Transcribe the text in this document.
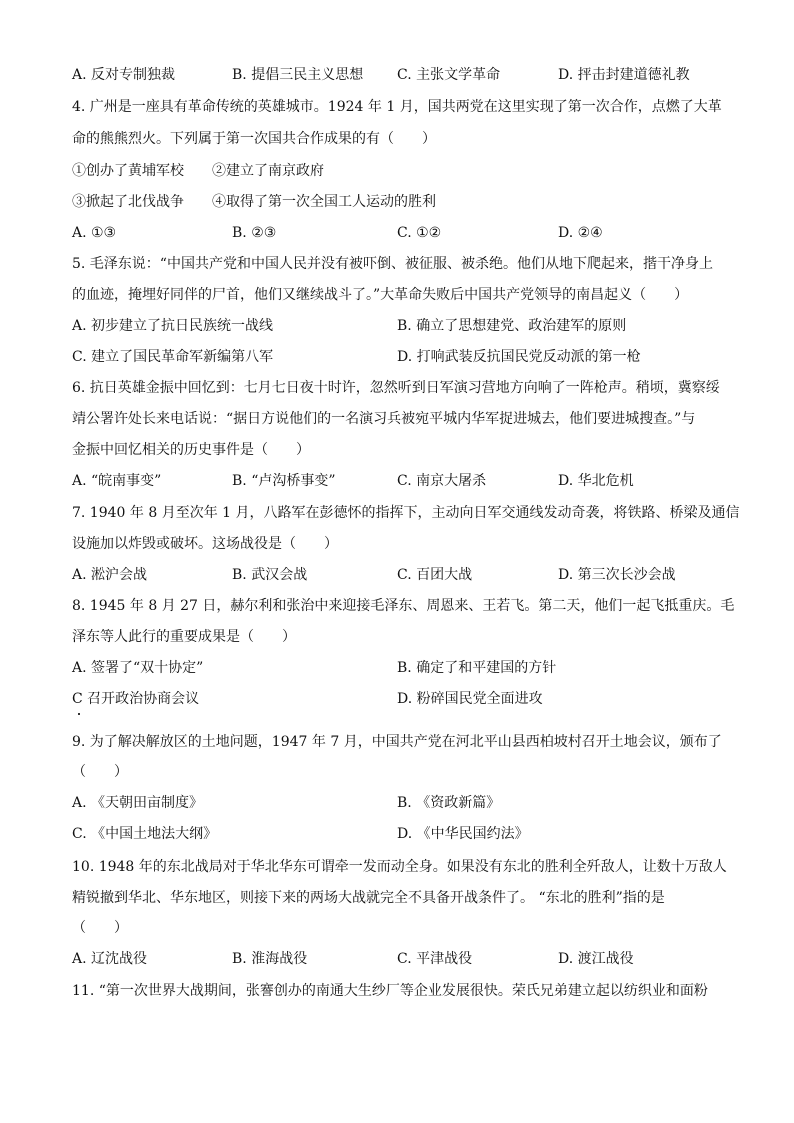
A. 反对专制独裁	B. 提倡三民主义思想 C. 主张文学革命	D. 抨击封建道德礼教
4. 广州是一座具有革命传统的英雄城市。1924 年 1 月，国共两党在这里实现了第一次合作，点燃了大革
命的熊熊烈火。下列属于第一次国共合作成果的有（　　）
①创办了黄埔军校　　②建立了南京政府
③掀起了北伐战争　　④取得了第一次全国工人运动的胜利
A. ①③	B. ②③	C. ①②	D. ②④
5. 毛泽东说：“中国共产党和中国人民并没有被吓倒、被征服、被杀绝。他们从地下爬起来，揩干净身上
的血迹，掩埋好同伴的尸首，他们又继续战斗了。”大革命失败后中国共产党领导的南昌起义（　　）
A. 初步建立了抗日民族统一战线	B. 确立了思想建党、政治建军的原则
C. 建立了国民革命军新编第八军	D. 打响武装反抗国民党反动派的第一枪
6. 抗日英雄金振中回忆到：七月七日夜十时许，忽然听到日军演习营地方向响了一阵枪声。稍顷，冀察绥
靖公署许处长来电话说：“据日方说他们的一名演习兵被宛平城内华军捉进城去，他们要进城搜查。”与
金振中回忆相关的历史事件是（　　）
A. “皖南事变”	B. “卢沟桥事变”	C. 南京大屠杀	D. 华北危机
7. 1940 年 8 月至次年 1 月，八路军在彭德怀的指挥下，主动向日军交通线发动奇袭，将铁路、桥梁及通信
设施加以炸毁或破坏。这场战役是（　　）
A. 淞沪会战	B. 武汉会战	C. 百团大战	D. 第三次长沙会战
8. 1945 年 8 月 27 日，赫尔利和张治中来迎接毛泽东、周恩来、王若飞。第二天，他们一起飞抵重庆。毛
泽东等人此行的重要成果是（　　）
A. 签署了“双十协定”	B. 确定了和平建国的方针
C 召开政治协商会议	D. 粉碎国民党全面进攻
9. 为了解决解放区的土地问题，1947 年 7 月，中国共产党在河北平山县西柏坡村召开土地会议，颁布了
（　　）
A. 《天朝田亩制度》	B. 《资政新篇》
C. 《中国土地法大纲》	D. 《中华民国约法》
10. 1948 年的东北战局对于华北华东可谓牵一发而动全身。如果没有东北的胜利全歼敌人，让数十万敌人
精锐撤到华北、华东地区，则接下来的两场大战就完全不具备开战条件了。 “东北的胜利”指的是
（　　）
A. 辽沈战役	B. 淮海战役	C. 平津战役	D. 渡江战役
11. “第一次世界大战期间，张謇创办的南通大生纱厂等企业发展很快。荣氏兄弟建立起以纺织业和面粉
